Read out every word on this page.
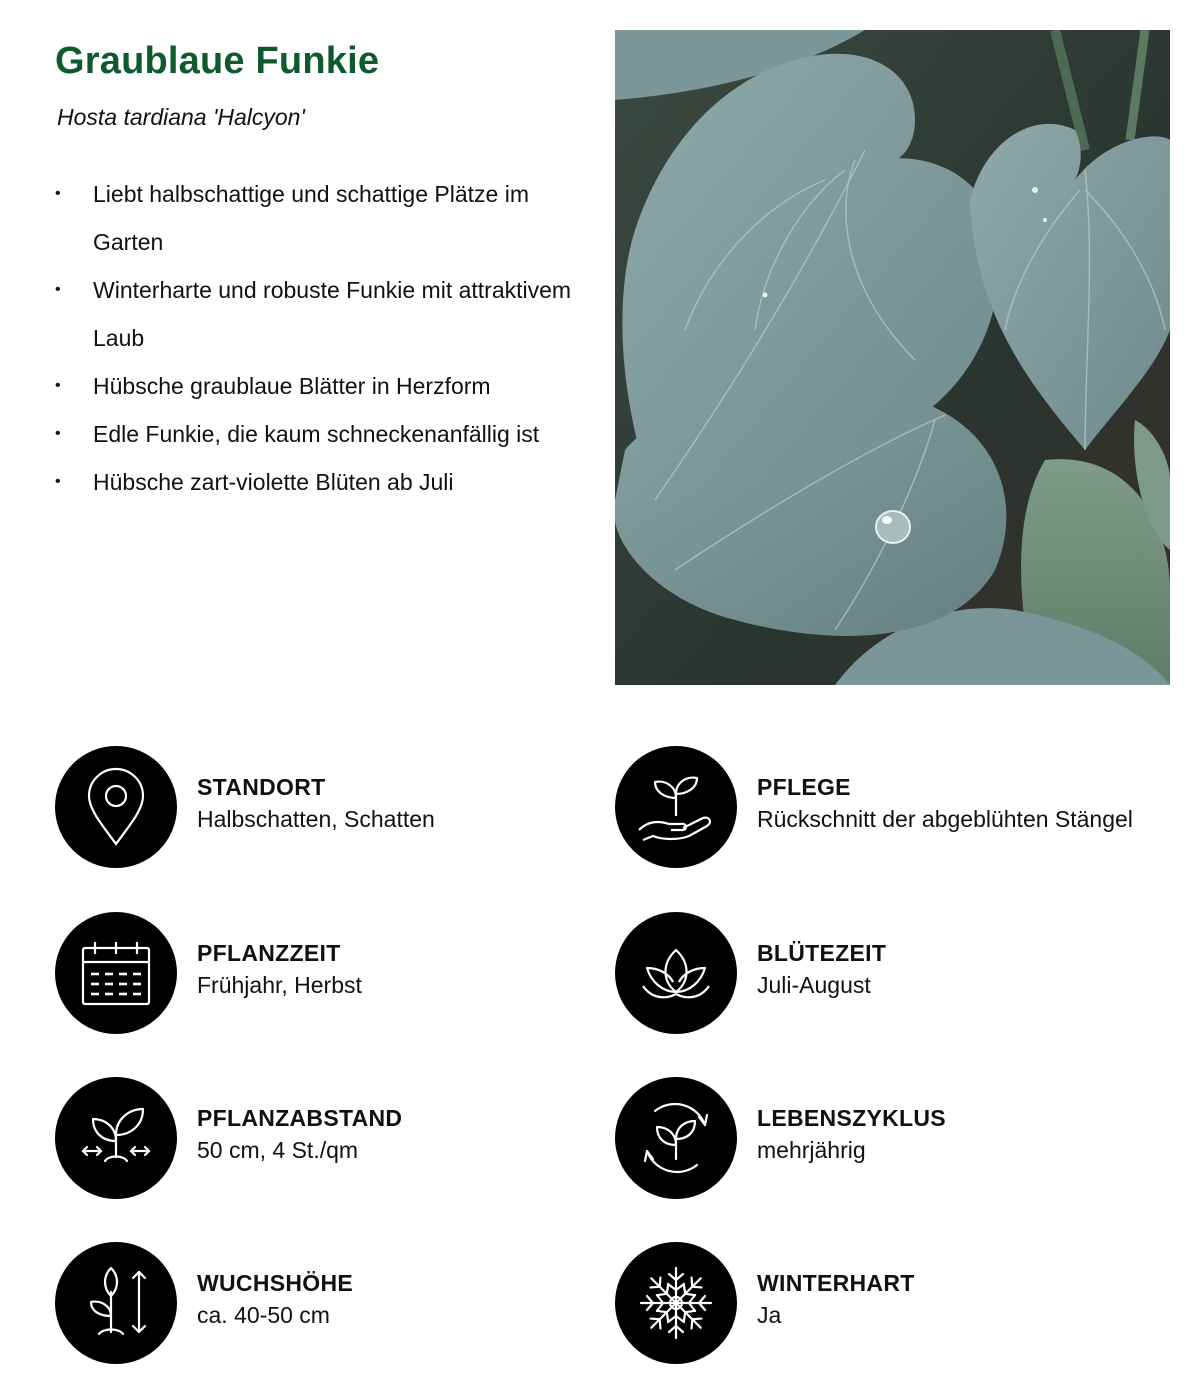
Graublaue Funkie

Hosta tardiana 'Halcyon'

• Liebt halbschattige und schattige Plätze im Garten
• Winterharte und robuste Funkie mit attraktivem Laub
• Hübsche graublaue Blätter in Herzform
• Edle Funkie, die kaum schneckenanfällig ist
• Hübsche zart-violette Blüten ab Juli
STANDORT
Halbschatten, Schatten
PFLEGE
Rückschnitt der abgeblühten Stängel
PFLANZZEIT
Frühjahr, Herbst
BLÜTEZEIT
Juli-August
PFLANZABSTAND
50 cm, 4 St./qm
LEBENSZYKLUS
mehrjährig
WUCHSHÖHE
ca. 40-50 cm
WINTERHART
Ja
